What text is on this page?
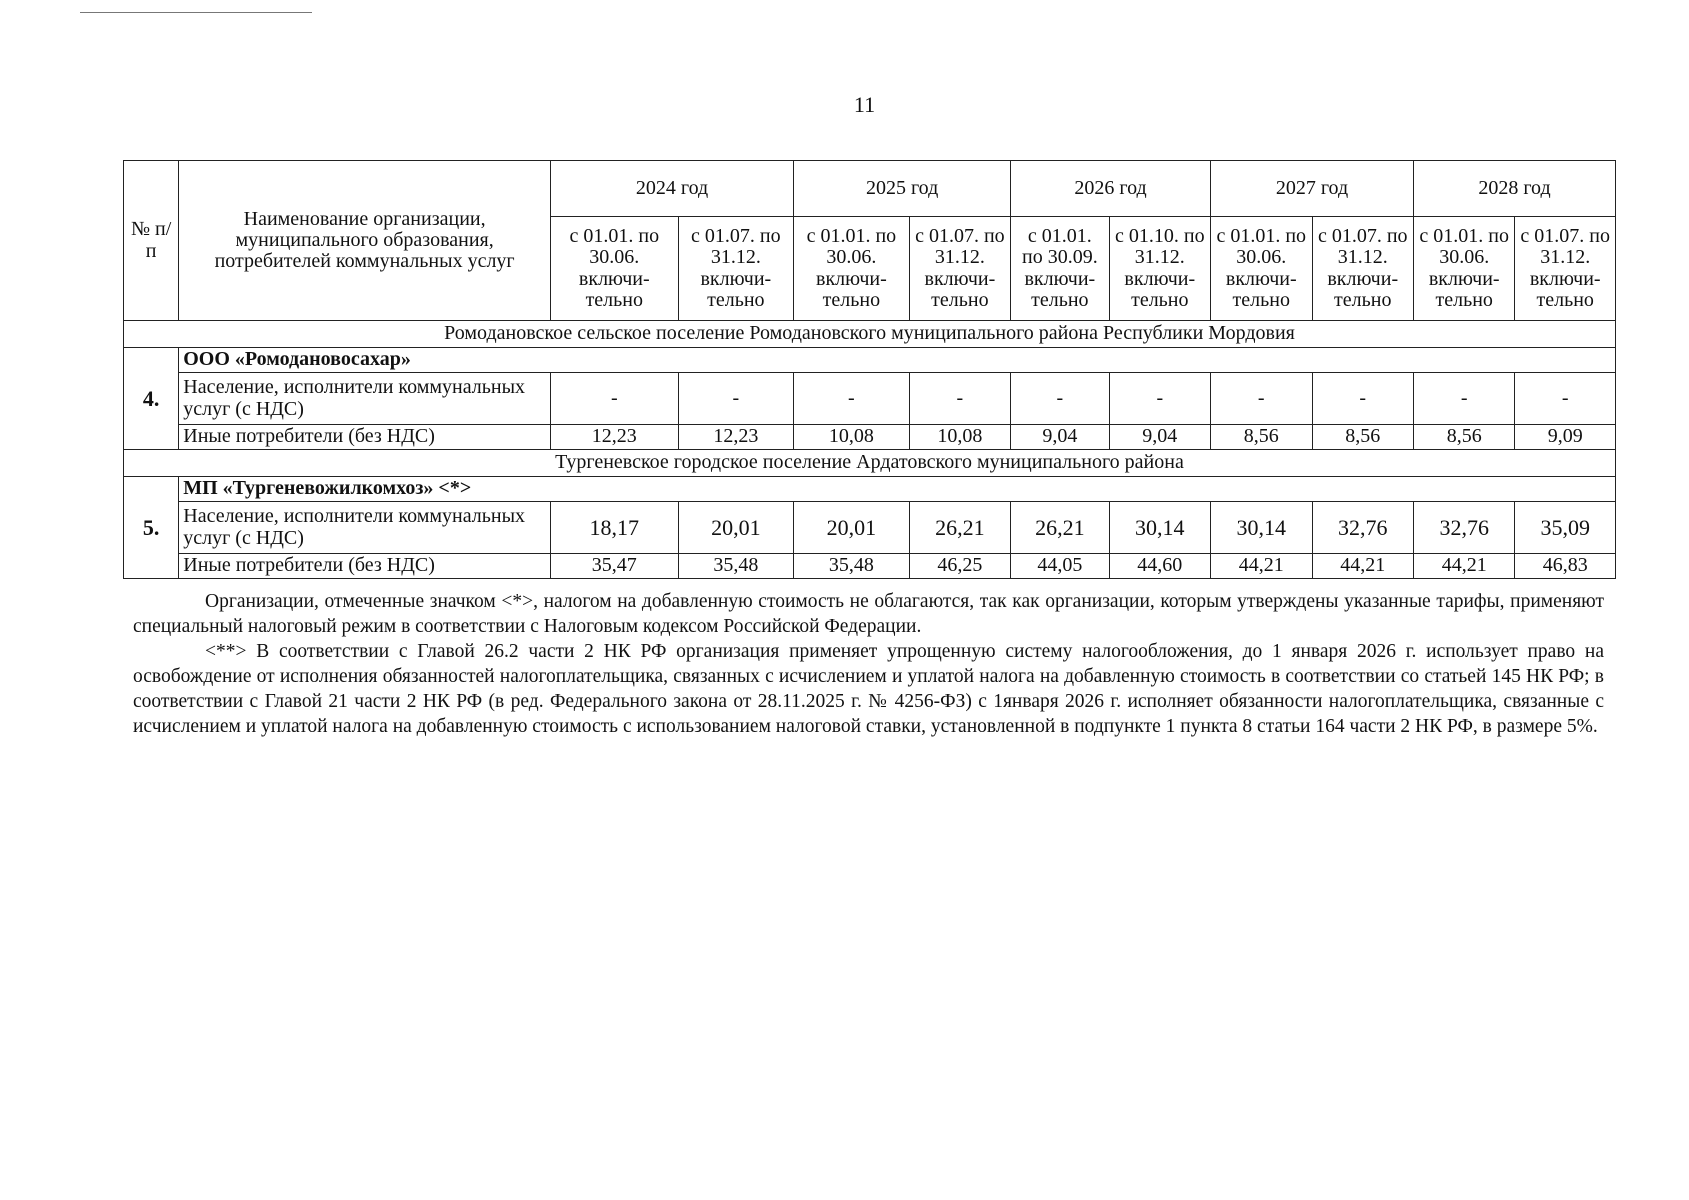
11
№ п/п	Наименование организации, муниципального образования, потребителей коммунальных услуг	2024 год		2025 год		2026 год		2027 год		2028 год	
		с 01.01. по 30.06. включи-тельно	с 01.07. по 31.12. включи-тельно	с 01.01. по 30.06. включи-тельно	с 01.07. по 31.12. включи-тельно	с 01.01. по 30.09. включи-тельно	с 01.10. по 31.12. включи-тельно	с 01.01. по 30.06. включи-тельно	с 01.07. по 31.12. включи-тельно	с 01.01. по 30.06. включи-тельно	с 01.07. по 31.12. включи-тельно
Ромодановское сельское поселение Ромодановского муниципального района Республики Мордовия											
4.	ООО «Ромодановосахар»										
	Население, исполнители коммунальных услуг (с НДС)	-	-	-	-	-	-	-	-	-	-
	Иные потребители (без НДС)	12,23	12,23	10,08	10,08	9,04	9,04	8,56	8,56	8,56	9,09
Тургеневское городское поселение Ардатовского муниципального района											
5.	МП «Тургеневожилкомхоз» <*>										
	Население, исполнители коммунальных услуг (с НДС)	18,17	20,01	20,01	26,21	26,21	30,14	30,14	32,76	32,76	35,09
	Иные потребители (без НДС)	35,47	35,48	35,48	46,25	44,05	44,60	44,21	44,21	44,21	46,83

Организации, отмеченные значком <*>, налогом на добавленную стоимость не облагаются, так как организации, которым утверждены указанные тарифы, применяют специальный налоговый режим в соответствии с Налоговым кодексом Российской Федерации.

<**> В соответствии с Главой 26.2 части 2 НК РФ организация применяет упрощенную систему налогообложения, до 1 января 2026 г. использует право на освобождение от исполнения обязанностей налогоплательщика, связанных с исчислением и уплатой налога на добавленную стоимость в соответствии со статьей 145 НК РФ; в соответствии с Главой 21 части 2 НК РФ (в ред. Федерального закона от 28.11.2025 г. № 4256-ФЗ) с 1января 2026 г. исполняет обязанности налогоплательщика, связанные с исчислением и уплатой налога на добавленную стоимость с использованием налоговой ставки, установленной в подпункте 1 пункта 8 статьи 164 части 2 НК РФ, в размере 5%.
